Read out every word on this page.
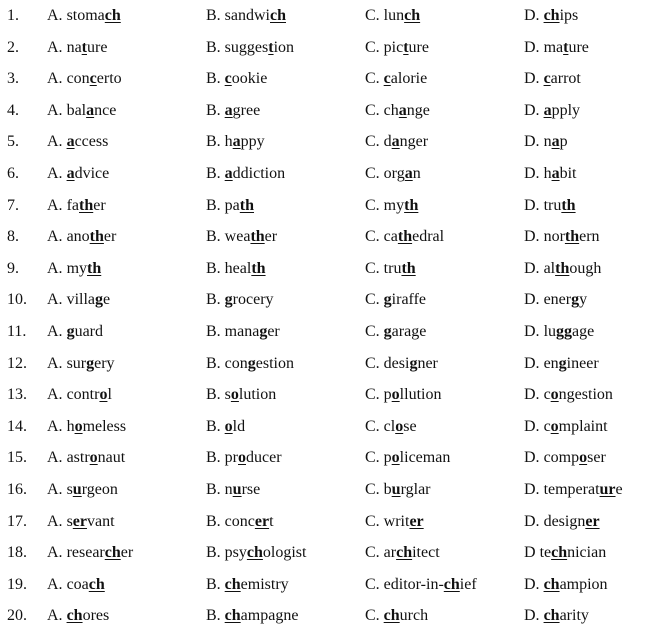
1. A. stomach	B. sandwich	C. lunch	D. chips
2. A. nature	B. suggestion	C. picture	D. mature
3. A. concerto	B. cookie	C. calorie	D. carrot
4. A. balance	B. agree	C. change	D. apply
5. A. access	B. happy	C. danger	D. nap
6. A. advice	B. addiction	C. organ	D. habit
7. A. father	B. path	C. myth	D. truth
8. A. another	B. weather	C. cathedral	D. northern
9. A. myth	B. health	C. truth	D. although
10. A. village	B. grocery	C. giraffe	D. energy
11. A. guard	B. manager	C. garage	D. luggage
12. A. surgery	B. congestion	C. designer	D. engineer
13. A. control	B. solution	C. pollution	D. congestion
14. A. homeless	B. old	C. close	D. complaint
15. A. astronaut	B. producer	C. policeman	D. composer
16. A. surgeon	B. nurse	C. burglar	D. temperature
17. A. servant	B. concert	C. writer	D. designer
18. A. researcher	B. psychologist	C. architect	D technician
19. A. coach	B. chemistry	C. editor-in-chief	D. champion
20. A. chores	B. champagne	C. church	D. charity
